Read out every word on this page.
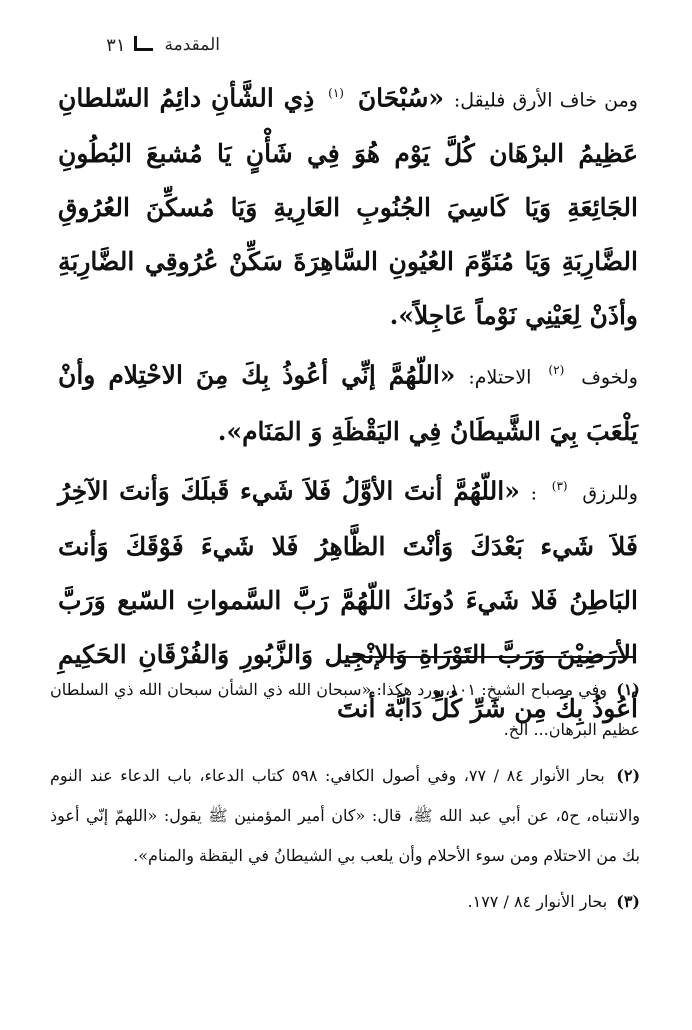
المقدمة
٣١

ومن خاف الأرق فليقل: «سُبْحَانَ $^{(١)}$ ذِي الشَّأنِ دائِمُ السّلطانِ عَظِيمُ البرْهَان كُلَّ يَوْم هُوَ فِي شَأْنٍ يَا مُشبعَ البُطُونِ الجَائِعَةِ وَيَا كَاسِيَ الجُنُوبِ العَارِيةِ وَيَا مُسكِّنَ العُرُوقِ الضَّارِبَةِ وَيَا مُنَوِّمَ العُيُونِ السَّاهِرَةَ سَكِّنْ عُرُوقِي الضَّارِبَةِ وأذَنْ لِعَيْنِي نَوْماً عَاجِلاً».

ولخوف $^{(٢)}$ الاحتلام: «اللّهُمَّ إنِّي أعُوذُ بِكَ مِنَ الاحْتِلام وأنْ يَلْعَبَ بِيَ الشَّيطَانُ فِي اليَقْظَةِ وَ المَنَام».

وللرزق $^{(٣)}$ : «اللّهُمَّ أنتَ الأوَّلُ فَلاَ شَيء قَبلَكَ وَأنتَ الآخِرُ فَلاَ شَيء بَعْدَكَ وَأنْتَ الظَّاهِرُ فَلا شَيءَ فَوْقَكَ وَأنتَ البَاطِنُ فَلا شَيءَ دُونَكَ اللّهُمَّ رَبَّ السَّمواتِ السّبع وَرَبَّ الأرَضِيْنَ وَرَبَّ التَوْرَاةِ وَالإنْجِيل وَالزَّبُورِ وَالفُرْقَانِ الحَكِيمِ أعُوذُ بِكَ مِن شَرِّ كُلِّ دَابَّة أنتَ

(١) وفي مصباح الشيخ: ١٠١، ورد هكذا: «سبحان الله ذي الشأن سبحان الله ذي السلطان عظيم البرهان... الخ.

(٢) بحار الأنوار ٨٤ / ٧٧، وفي أصول الكافي: ٥٩٨ كتاب الدعاء، باب الدعاء عند النوم والانتباه، ح٥، عن أبي عبد الله ﷺ، قال: «كان أمير المؤمنين ﷺ يقول: «اللهمّ إنّي أعوذ بك من الاحتلام ومن سوء الأحلام وأن يلعب بي الشيطانُ في اليقظة والمنام».

(٣) بحار الأنوار ٨٤ / ١٧٧.
